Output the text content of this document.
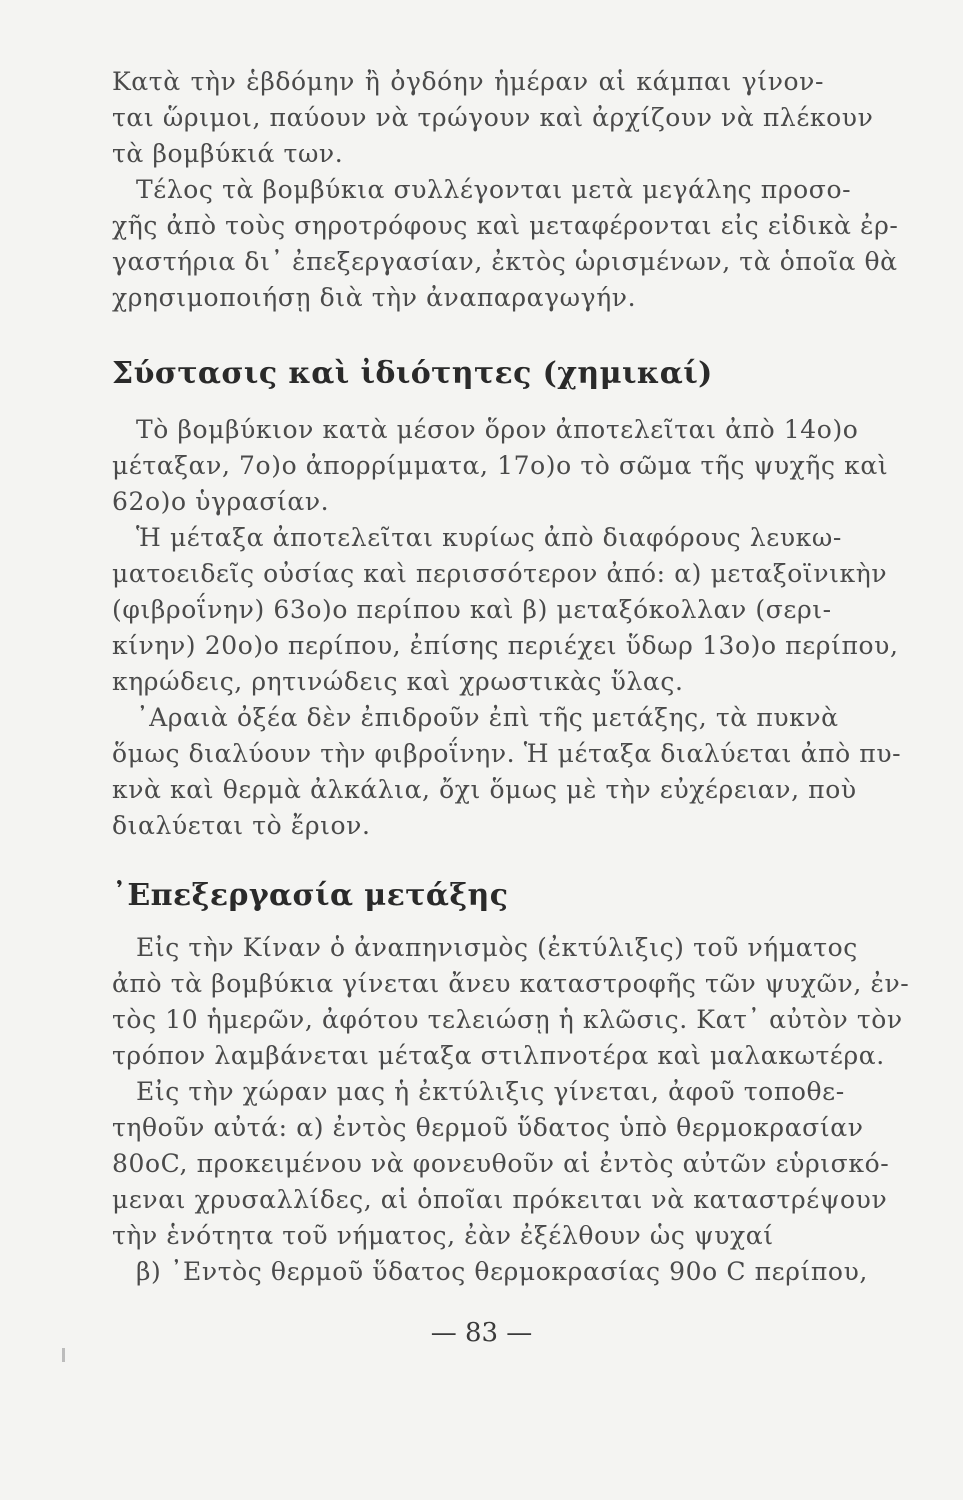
Κατὰ τὴν ἑβδόμην ἢ ὀγδόην ἡμέραν αἱ κάμπαι γίνον-
ται ὥριμοι, παύουν νὰ τρώγουν καὶ ἀρχίζουν νὰ πλέκουν
τὰ βομβύκιά των.
Τέλος τὰ βομβύκια συλλέγονται μετὰ μεγάλης προσο-
χῆς ἀπὸ τοὺς σηροτρόφους καὶ μεταφέρονται εἰς εἰδικὰ ἐρ-
γαστήρια δι᾽ ἐπεξεργασίαν, ἐκτὸς ὡρισμένων, τὰ ὁποῖα θὰ
χρησιμοποιήσῃ διὰ τὴν ἀναπαραγωγήν.
Σύστασις καὶ ἰδιότητες (χημικαί)
Τὸ βομβύκιον κατὰ μέσον ὅρον ἀποτελεῖται ἀπὸ 14ο)ο
μέταξαν, 7ο)ο ἀπορρίμματα, 17ο)ο τὸ σῶμα τῆς ψυχῆς καὶ
62ο)ο ὑγρασίαν.
Ἡ μέταξα ἀποτελεῖται κυρίως ἀπὸ διαφόρους λευκω-
ματοειδεῖς οὐσίας καὶ περισσότερον ἀπό: α) μεταξοϊνικὴν
(φιβροΐνην) 63ο)ο περίπου καὶ β) μεταξόκολλαν (σερι-
κίνην) 20ο)ο περίπου, ἐπίσης περιέχει ὕδωρ 13ο)ο περίπου,
κηρώδεις, ρητινώδεις καὶ χρωστικὰς ὕλας.
᾿Αραιὰ ὀξέα δὲν ἐπιδροῦν ἐπὶ τῆς μετάξης, τὰ πυκνὰ
ὅμως διαλύουν τὴν φιβροΐνην. Ἡ μέταξα διαλύεται ἀπὸ πυ-
κνὰ καὶ θερμὰ ἀλκάλια, ὄχι ὅμως μὲ τὴν εὐχέρειαν, ποὺ
διαλύεται τὸ ἔριον.
᾿Επεξεργασία μετάξης
Εἰς τὴν Κίναν ὁ ἀναπηνισμὸς (ἐκτύλιξις) τοῦ νήματος
ἀπὸ τὰ βομβύκια γίνεται ἄνευ καταστροφῆς τῶν ψυχῶν, ἐν-
τὸς 10 ἡμερῶν, ἀφότου τελειώσῃ ἡ κλῶσις. Κατ᾿ αὐτὸν τὸν
τρόπον λαμβάνεται μέταξα στιλπνοτέρα καὶ μαλακωτέρα.
Εἰς τὴν χώραν μας ἡ ἐκτύλιξις γίνεται, ἀφοῦ τοποθε-
τηθοῦν αὐτά: α) ἐντὸς θερμοῦ ὕδατος ὑπὸ θερμοκρασίαν
80οC, προκειμένου νὰ φονευθοῦν αἱ ἐντὸς αὐτῶν εὑρισκό-
μεναι χρυσαλλίδες, αἱ ὁποῖαι πρόκειται νὰ καταστρέψουν
τὴν ἑνότητα τοῦ νήματος, ἐὰν ἐξέλθουν ὡς ψυχαί
β) ᾿Εντὸς θερμοῦ ὕδατος θερμοκρασίας 90ο C περίπου,
— 83 —
